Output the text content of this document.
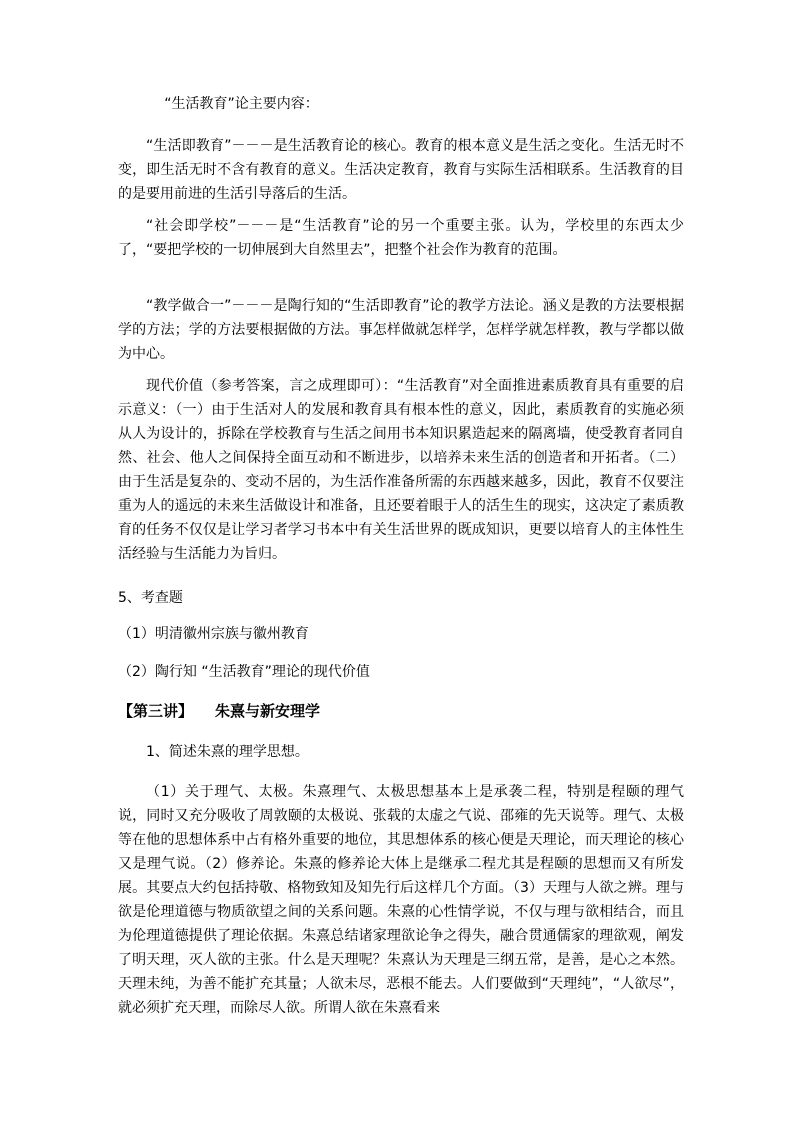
“生活教育”论主要内容：

“生活即教育”－－－是生活教育论的核心。教育的根本意义是生活之变化。生活无时不变，即生活无时不含有教育的意义。生活决定教育，教育与实际生活相联系。生活教育的目的是要用前进的生活引导落后的生活。

“社会即学校”－－－是“生活教育”论的另一个重要主张。认为，学校里的东西太少了，“要把学校的一切伸展到大自然里去”，把整个社会作为教育的范围。

“教学做合一”－－－是陶行知的“生活即教育”论的教学方法论。涵义是教的方法要根据学的方法；学的方法要根据做的方法。事怎样做就怎样学，怎样学就怎样教，教与学都以做为中心。

现代价值（参考答案，言之成理即可）：“生活教育”对全面推进素质教育具有重要的启示意义：（一）由于生活对人的发展和教育具有根本性的意义，因此，素质教育的实施必须从人为设计的，拆除在学校教育与生活之间用书本知识累造起来的隔离墙，使受教育者同自然、社会、他人之间保持全面互动和不断进步，以培养未来生活的创造者和开拓者。（二）由于生活是复杂的、变动不居的，为生活作准备所需的东西越来越多，因此，教育不仅要注重为人的遥远的未来生活做设计和准备，且还要着眼于人的活生生的现实，这决定了素质教育的任务不仅仅是让学习者学习书本中有关生活世界的既成知识，更要以培育人的主体性生活经验与生活能力为旨归。

5、考查题

（1）明清徽州宗族与徽州教育

（2）陶行知 “生活教育”理论的现代价值

【第三讲】 朱熹与新安理学

1、简述朱熹的理学思想。

（1）关于理气、太极。朱熹理气、太极思想基本上是承袭二程，特别是程颐的理气说，同时又充分吸收了周敦颐的太极说、张载的太虚之气说、邵雍的先天说等。理气、太极等在他的思想体系中占有格外重要的地位，其思想体系的核心便是天理论，而天理论的核心又是理气说。（2）修养论。朱熹的修养论大体上是继承二程尤其是程颐的思想而又有所发展。其要点大约包括持敬、格物致知及知先行后这样几个方面。（3）天理与人欲之辨。理与欲是伦理道德与物质欲望之间的关系问题。朱熹的心性情学说，不仅与理与欲相结合，而且为伦理道德提供了理论依据。朱熹总结诸家理欲论争之得失，融合贯通儒家的理欲观，阐发了明天理，灭人欲的主张。什么是天理呢？朱熹认为天理是三纲五常，是善，是心之本然。天理未纯，为善不能扩充其量；人欲未尽，恶根不能去。人们要做到“天理纯”，“人欲尽”，就必须扩充天理，而除尽人欲。所谓人欲在朱熹看来
